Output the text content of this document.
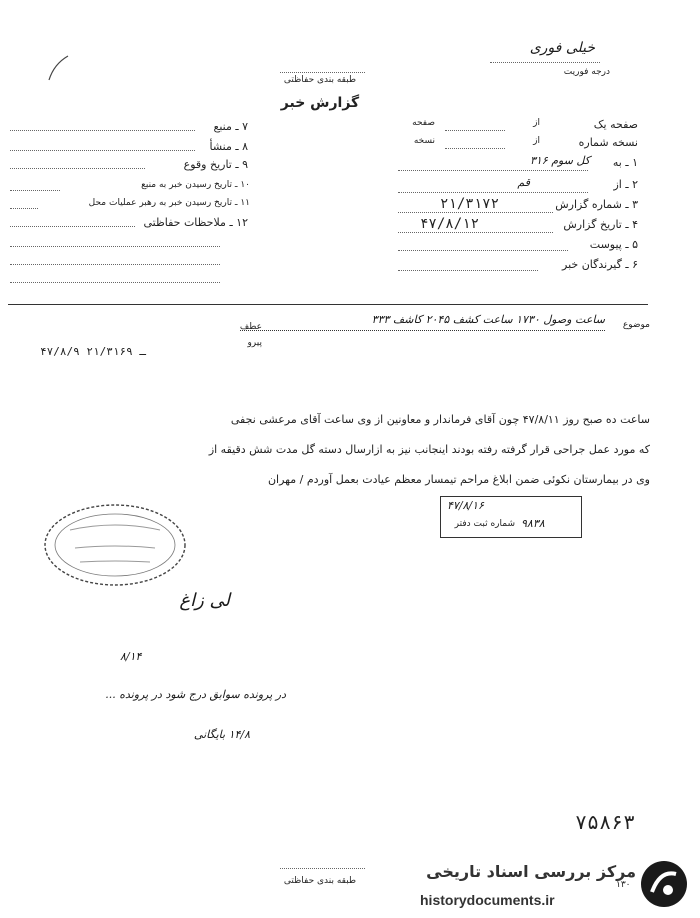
خیلی فوری
درجه فوریت
طبقه بندی حفاظتی
گزارش خبر
صفحه یک
از
صفحه
نسخه شماره
از
نسخه
۱ ـ به
کل سوم ۳۱۶
۲ ـ از
قم
۳ ـ شماره گزارش
۲۱/۳۱۷۲
۴ ـ تاریخ گزارش
۴۷/۸/۱۲
۵ ـ پیوست
۶ ـ گیرندگان خبر
۷ ـ منبع
۸ ـ منشأ
۹ ـ تاریخ وقوع
۱۰ ـ تاریخ رسیدن خبر به منبع
۱۱ ـ تاریخ رسیدن خبر به رهبر عملیات محل
۱۲ ـ ملاحظات حفاظتی
موضوع
ساعت وصول ۱۷۳۰ ساعت کشف ۲۰۴۵ کاشف ۳۳۳
عطف
پیرو
۴۷/۸/۹ ـ ۲۱/۳۱۶۹
ساعت ده صبح روز ۴۷/۸/۱۱ چون آقای فرماندار و معاونین از وی ساعت آقای مرعشی نجفی
که مورد عمل جراحی قرار گرفته رفته بودند اینجانب نیز به ازارسال دسته گل مدت شش دقیقه از
وی در بیمارستان نکوئی ضمن ابلاغ مراحم تیمسار معظم عیادت بعمل آوردم / مهران
۴۷/۸/۱۶
شماره ثبت دفتر ۹۸۳۸
لی زاغ
۸/۱۴
در پرونده سوابق درج شود در پرونده ...
۱۴/۸ بایگانی
۷۵۸۶۳
طبقه بندی حفاظتی	۱۳۰
مرکز بررسی اسناد تاریخی
historydocuments.ir
